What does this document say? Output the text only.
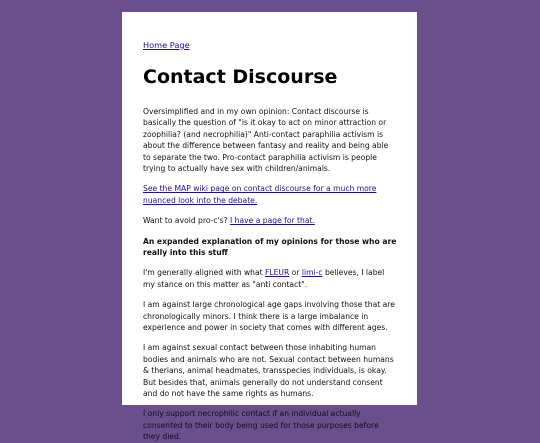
Home Page
Contact Discourse

Oversimplified and in my own opinion: Contact discourse is basically the question of "is it okay to act on minor attraction or zoophilia? (and necrophilia)" Anti-contact paraphilia activism is about the difference between fantasy and reality and being able to separate the two. Pro-contact paraphilia activism is people trying to actually have sex with children/animals.

See the MAP wiki page on contact discourse for a much more nuanced look into the debate.

Want to avoid pro-c's? I have a page for that.

An expanded explanation of my opinions for those who are really into this stuff

I'm generally aligned with what FLEUR or limi-c believes, I label my stance on this matter as "anti contact".

I am against large chronological age gaps involving those that are chronologically minors. I think there is a large imbalance in experience and power in society that comes with different ages.

I am against sexual contact between those inhabiting human bodies and animals who are not. Sexual contact between humans & therians, animal headmates, transspecies individuals, is okay. But besides that, animals generally do not understand consent and do not have the same rights as humans.

I only support necrophilic contact if an individual actually consented to their body being used for those purposes before they died.
